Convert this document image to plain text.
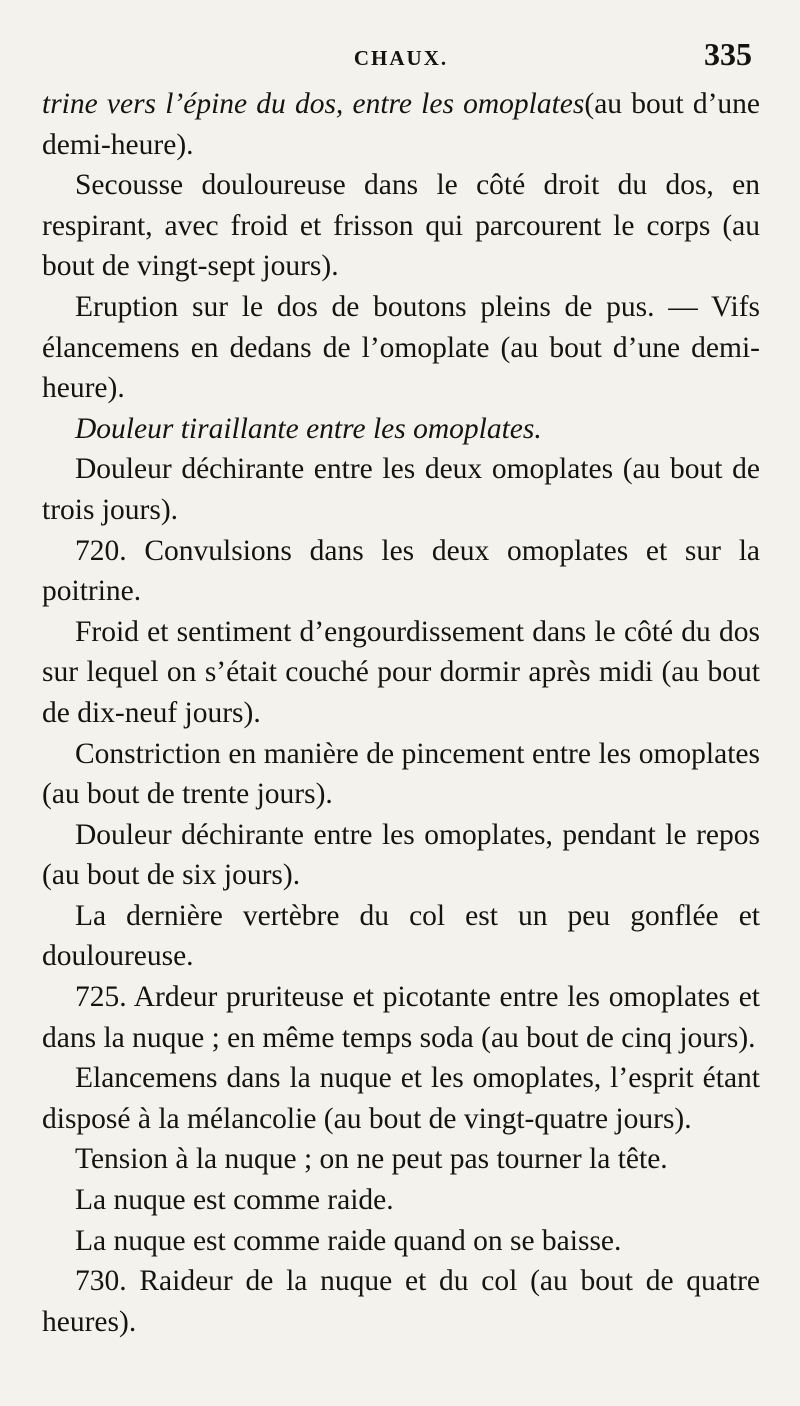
CHAUX.	335

trine vers l’épine du dos, entre les omoplates(au bout d’une demi-heure).

Secousse douloureuse dans le côté droit du dos, en respirant, avec froid et frisson qui parcourent le corps (au bout de vingt-sept jours).

Eruption sur le dos de boutons pleins de pus. — Vifs élancemens en dedans de l’omoplate (au bout d’une demi-heure).

Douleur tiraillante entre les omoplates.

Douleur déchirante entre les deux omoplates (au bout de trois jours).

720. Convulsions dans les deux omoplates et sur la poitrine.

Froid et sentiment d’engourdissement dans le côté du dos sur lequel on s’était couché pour dormir après midi (au bout de dix-neuf jours).

Constriction en manière de pincement entre les omoplates (au bout de trente jours).

Douleur déchirante entre les omoplates, pendant le repos (au bout de six jours).

La dernière vertèbre du col est un peu gonflée et douloureuse.

725. Ardeur pruriteuse et picotante entre les omoplates et dans la nuque ; en même temps soda (au bout de cinq jours).

Elancemens dans la nuque et les omoplates, l’esprit étant disposé à la mélancolie (au bout de vingt-quatre jours).

Tension à la nuque ; on ne peut pas tourner la tête.

La nuque est comme raide.

La nuque est comme raide quand on se baisse.

730. Raideur de la nuque et du col (au bout de quatre heures).
